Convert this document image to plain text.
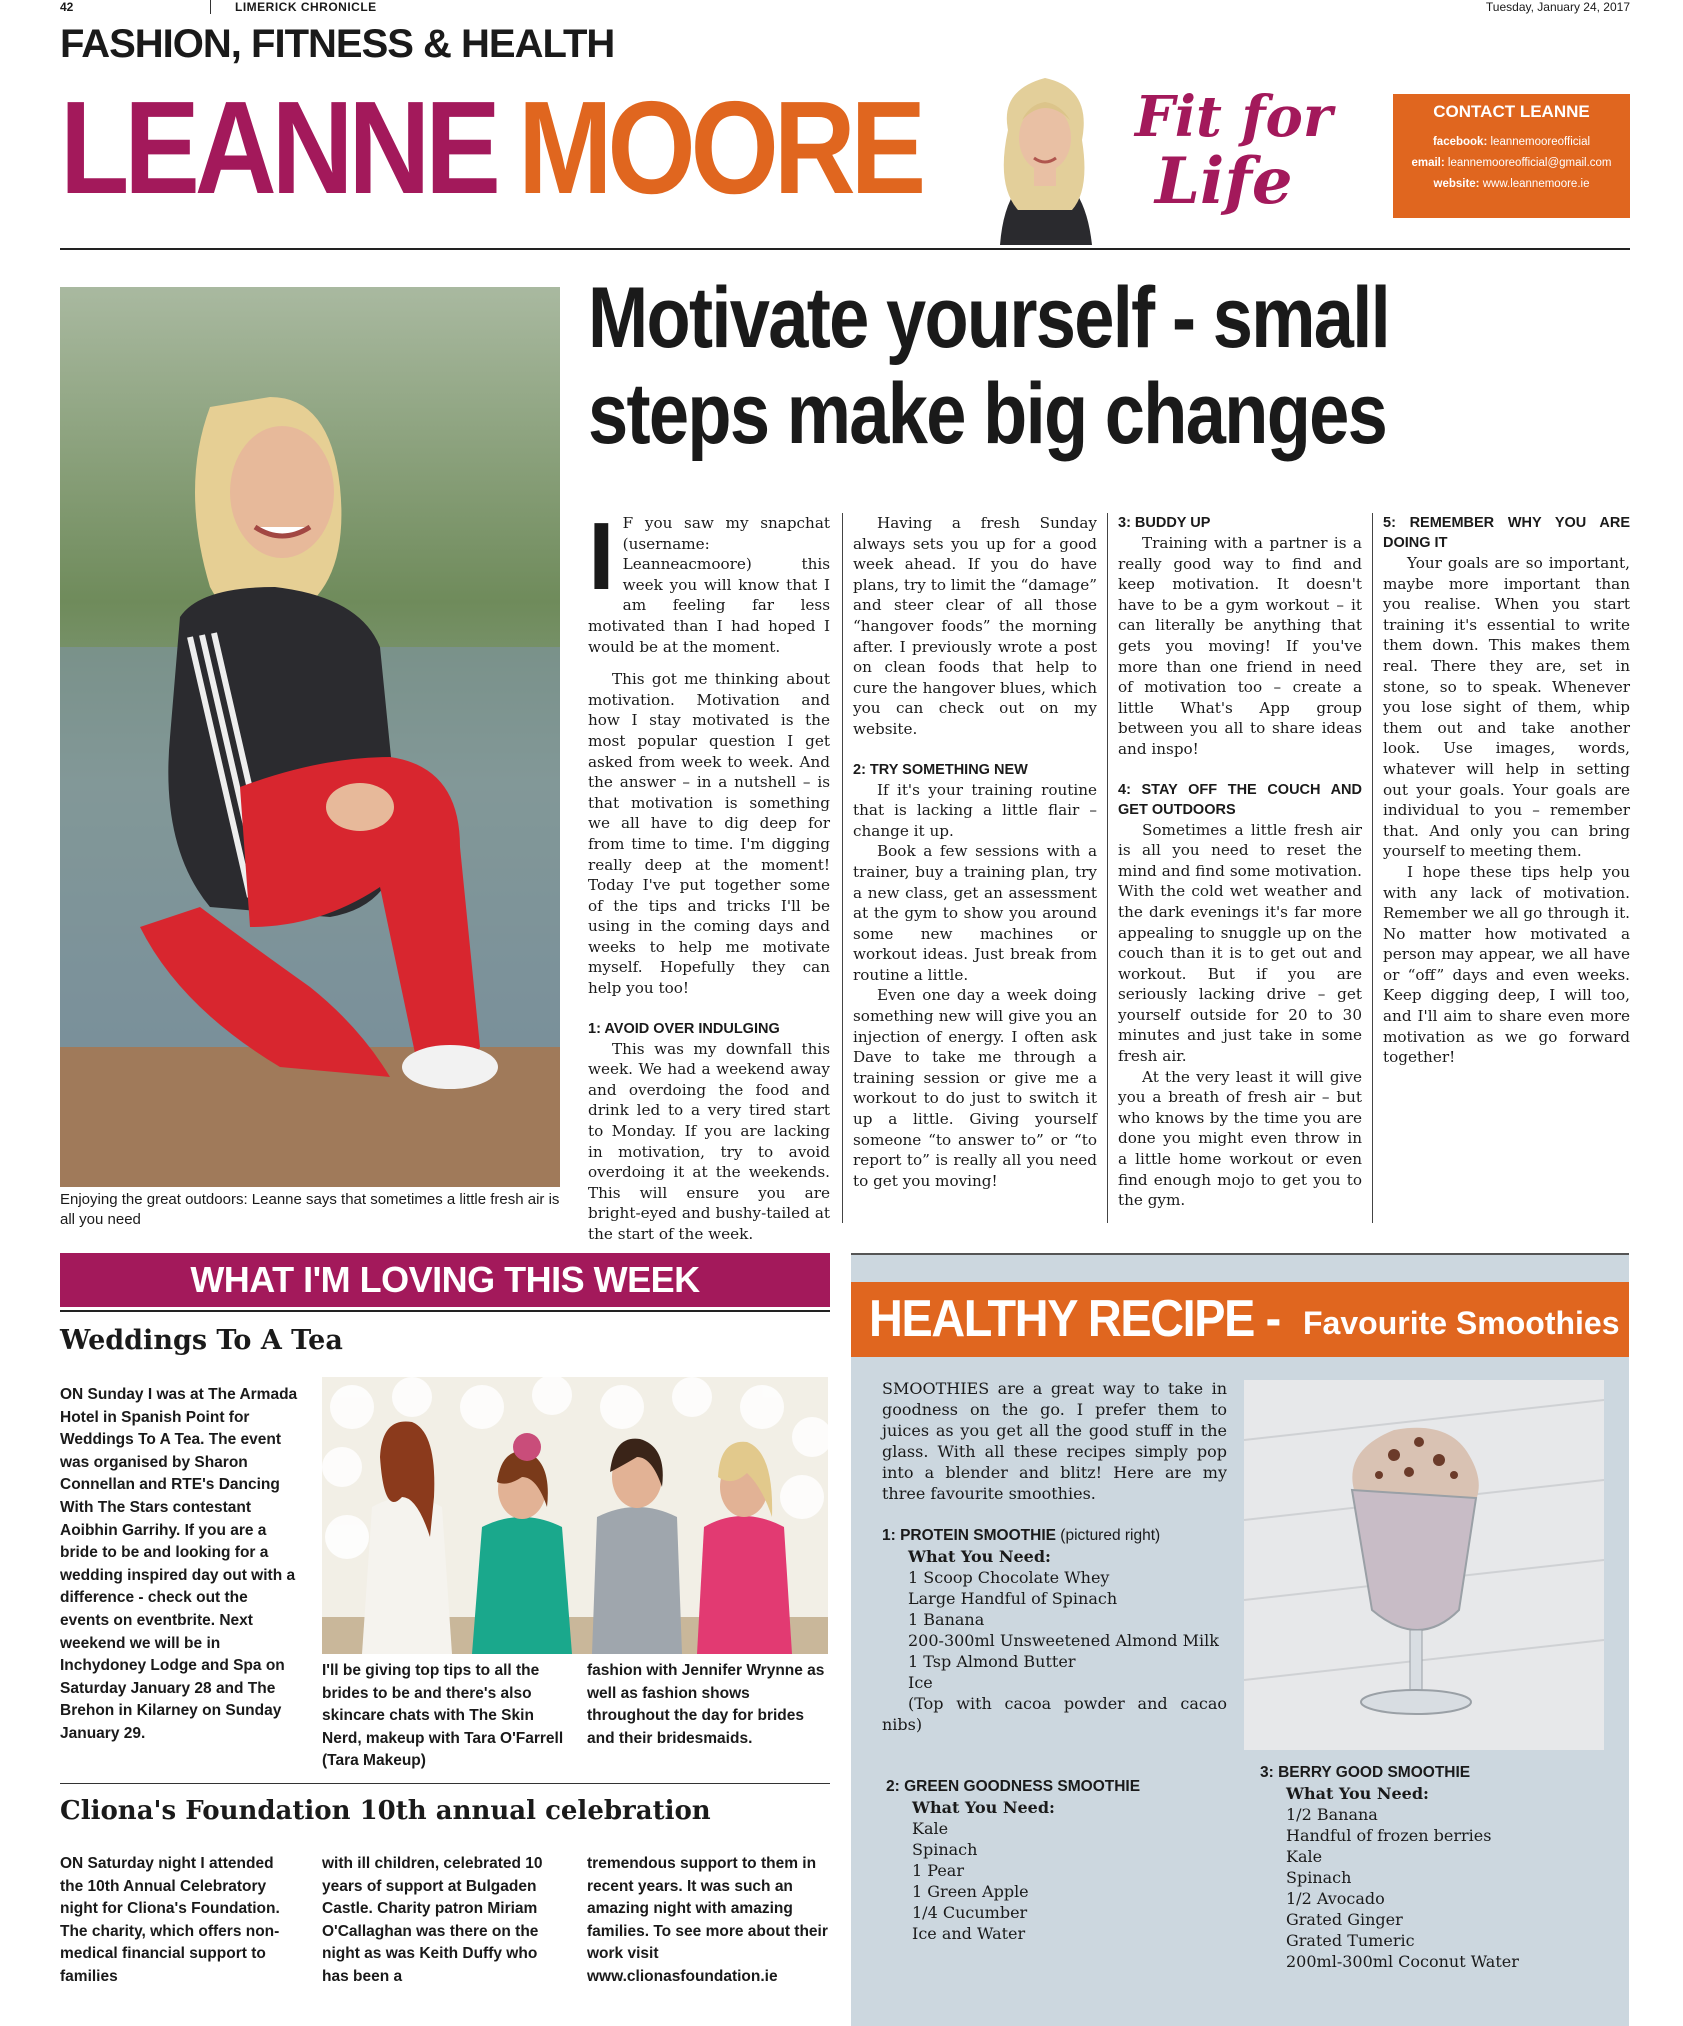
42	LIMERICK CHRONICLE	Tuesday, January 24, 2017
FASHION, FITNESS & HEALTH
LEANNE MOORE	Fit for
Life
CONTACT LEANNE
facebook: leannemooreofficial
email: leannemooreofficial@gmail.com
website: www.leannemoore.ie
Enjoying the great outdoors: Leanne says that sometimes a little fresh air is all you need
Motivate yourself - small
steps make big changes
I F you saw my snapchat (username: Leanneacmoore) this week you will know that I am feeling far less motivated than I had hoped I would be at the moment.

This got me thinking about motivation. Motivation and how I stay motivated is the most popular question I get asked from week to week. And the answer – in a nutshell – is that motivation is something we all have to dig deep for from time to time. I'm digging really deep at the moment! Today I've put together some of the tips and tricks I'll be using in the coming days and weeks to help me motivate myself. Hopefully they can help you too!

1: AVOID OVER INDULGING

This was my downfall this week. We had a weekend away and overdoing the food and drink led to a very tired start to Monday. If you are lacking in motivation, try to avoid overdoing it at the weekends. This will ensure you are bright-eyed and bushy-tailed at the start of the week.

Having a fresh Sunday always sets you up for a good week ahead. If you do have plans, try to limit the “damage” and steer clear of all those “hangover foods” the morning after. I previously wrote a post on clean foods that help to cure the hangover blues, which you can check out on my website.

2: TRY SOMETHING NEW

If it's your training routine that is lacking a little flair – change it up.

Book a few sessions with a trainer, buy a training plan, try a new class, get an assessment at the gym to show you around some new machines or workout ideas. Just break from routine a little.

Even one day a week doing something new will give you an injection of energy. I often ask Dave to take me through a training session or give me a workout to do just to switch it up a little. Giving yourself someone “to answer to” or “to report to” is really all you need to get you moving!

3: BUDDY UP

Training with a partner is a really good way to find and keep motivation. It doesn't have to be a gym workout – it can literally be anything that gets you moving! If you've more than one friend in need of motivation too – create a little What's App group between you all to share ideas and inspo!

4: STAY OFF THE COUCH AND GET OUTDOORS

Sometimes a little fresh air is all you need to reset the mind and find some motivation. With the cold wet weather and the dark evenings it's far more appealing to snuggle up on the couch than it is to get out and workout. But if you are seriously lacking drive – get yourself outside for 20 to 30 minutes and just take in some fresh air.

At the very least it will give you a breath of fresh air – but who knows by the time you are done you might even throw in a little home workout or even find enough mojo to get you to the gym.

5: REMEMBER WHY YOU ARE DOING IT

Your goals are so important, maybe more important than you realise. When you start training it's essential to write them down. This makes them real. There they are, set in stone, so to speak. Whenever you lose sight of them, whip them out and take another look. Use images, words, whatever will help in setting out your goals. Your goals are individual to you – remember that. And only you can bring yourself to meeting them.

I hope these tips help you with any lack of motivation. Remember we all go through it. No matter how motivated a person may appear, we all have or “off” days and even weeks. Keep digging deep, I will too, and I'll aim to share even more motivation as we go forward together!

WHAT I'M LOVING THIS WEEK
Weddings To A Tea
ON Sunday I was at The Armada Hotel in Spanish Point for Weddings To A Tea. The event was organised by Sharon Connellan and RTE's Dancing With The Stars contestant Aoibhin Garrihy. If you are a bride to be and looking for a wedding inspired day out with a difference - check out the events on eventbrite. Next weekend we will be in Inchydoney Lodge and Spa on Saturday January 28 and The Brehon in Kilarney on Sunday January 29.
I'll be giving top tips to all the brides to be and there's also skincare chats with The Skin Nerd, makeup with Tara O'Farrell (Tara Makeup)
fashion with Jennifer Wrynne as well as fashion shows throughout the day for brides and their bridesmaids.
Cliona's Foundation 10th annual celebration
ON Saturday night I attended the 10th Annual Celebratory night for Cliona's Foundation. The charity, which offers non-medical financial support to families
with ill children, celebrated 10 years of support at Bulgaden Castle. Charity patron Miriam O'Callaghan was there on the night as was Keith Duffy who has been a
tremendous support to them in recent years. It was such an amazing night with amazing families. To see more about their work visit www.clionasfoundation.ie
HEALTHY RECIPE - Favourite Smoothies
SMOOTHIES are a great way to take in goodness on the go. I prefer them to juices as you get all the good stuff in the glass. With all these recipes simply pop into a blender and blitz! Here are my three favourite smoothies.
1: PROTEIN SMOOTHIE (pictured right)
What You Need:
1 Scoop Chocolate Whey
Large Handful of Spinach
1 Banana
200-300ml Unsweetened Almond Milk
1 Tsp Almond Butter
Ice
(Top with cacoa powder and cacao nibs)
2: GREEN GOODNESS SMOOTHIE
What You Need:
Kale
Spinach
1 Pear
1 Green Apple
1/4 Cucumber
Ice and Water
3: BERRY GOOD SMOOTHIE
What You Need:
1/2 Banana
Handful of frozen berries
Kale
Spinach
1/2 Avocado
Grated Ginger
Grated Tumeric
200ml-300ml Coconut Water
